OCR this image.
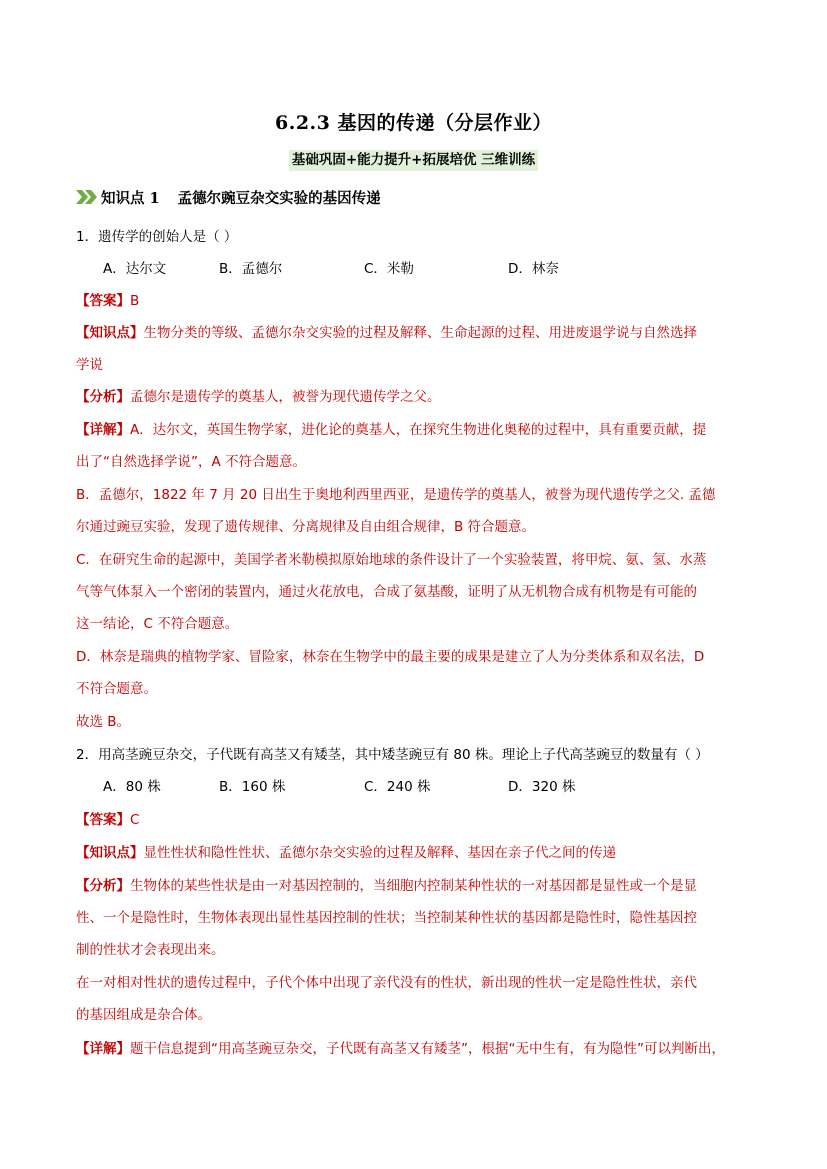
6.2.3 基因的传递（分层作业）
基础巩固+能力提升+拓展培优 三维训练
知识点 1 孟德尔豌豆杂交实验的基因传递
1．遗传学的创始人是（ ）
A．达尔文	B．孟德尔	C．米勒	D．林奈
【答案】B
【知识点】生物分类的等级、孟德尔杂交实验的过程及解释、生命起源的过程、用进废退学说与自然选择
学说
【分析】孟德尔是遗传学的奠基人，被誉为现代遗传学之父。
【详解】A．达尔文，英国生物学家，进化论的奠基人，在探究生物进化奥秘的过程中，具有重要贡献，提
出了“自然选择学说”，A 不符合题意。
B．孟德尔，1822 年 7 月 20 日出生于奥地利西里西亚，是遗传学的奠基人，被誉为现代遗传学之父. 孟德
尔通过豌豆实验，发现了遗传规律、分离规律及自由组合规律，B 符合题意。
C．在研究生命的起源中，美国学者米勒模拟原始地球的条件设计了一个实验装置，将甲烷、氨、氢、水蒸
气等气体泵入一个密闭的装置内，通过火花放电，合成了氨基酸，证明了从无机物合成有机物是有可能的
这一结论，C 不符合题意。
D．林奈是瑞典的植物学家、冒险家，林奈在生物学中的最主要的成果是建立了人为分类体系和双名法，D
不符合题意。
故选 B。
2．用高茎豌豆杂交，子代既有高茎又有矮茎，其中矮茎豌豆有 80 株。理论上子代高茎豌豆的数量有（ ）
A．80 株	B．160 株	C．240 株	D．320 株
【答案】C
【知识点】显性性状和隐性性状、孟德尔杂交实验的过程及解释、基因在亲子代之间的传递
【分析】生物体的某些性状是由一对基因控制的，当细胞内控制某种性状的一对基因都是显性或一个是显
性、一个是隐性时，生物体表现出显性基因控制的性状；当控制某种性状的基因都是隐性时，隐性基因控
制的性状才会表现出来。
在一对相对性状的遗传过程中，子代个体中出现了亲代没有的性状，新出现的性状一定是隐性性状，亲代
的基因组成是杂合体。
【详解】题干信息提到“用高茎豌豆杂交，子代既有高茎又有矮茎”，根据“无中生有，有为隐性”可以判断出，
